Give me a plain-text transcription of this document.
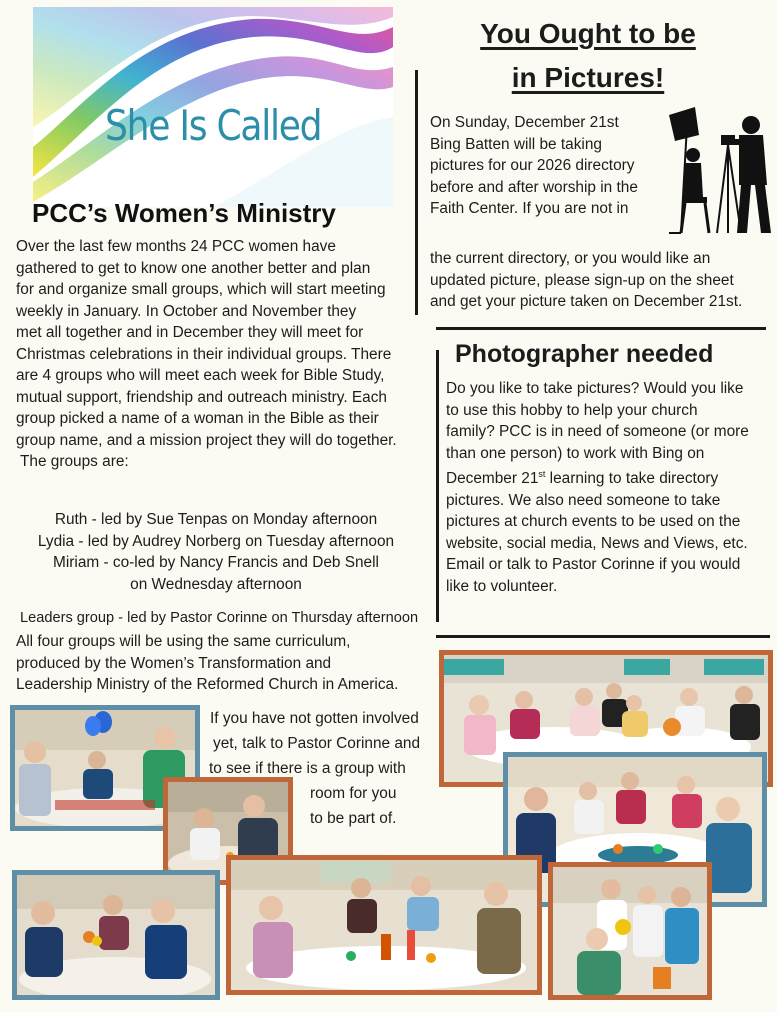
She Is Called
PCC’s Women’s Ministry

Over the last few months 24 PCC women have

gathered to get to know one another better and plan

for and organize small groups, which will start meeting

weekly in January. In October and November they

met all together and in December they will meet for

Christmas celebrations in their individual groups. There

are 4 groups who will meet each week for Bible Study,

mutual support, friendship and outreach ministry. Each

group picked a name of a woman in the Bible as their

group name, and a mission project they will do together.

The groups are:

Ruth - led by Sue Tenpas on Monday afternoon
Lydia - led by Audrey Norberg on Tuesday afternoon
Miriam - co-led by Nancy Francis and Deb Snell
on Wednesday afternoon
Leaders group - led by Pastor Corinne on Thursday afternoon

All four groups will be using the same curriculum,

produced by the Women’s Transformation and

Leadership Ministry of the Reformed Church in America.

If you have not gotten involved
yet, talk to Pastor Corinne and
to see if there is a group with
room for you
to be part of.
You Ought to be
in Pictures!

On Sunday, December 21st

Bing Batten will be taking

pictures for our 2026 directory

before and after worship in the

Faith Center. If you are not in

the current directory, or you would like an

updated picture, please sign-up on the sheet

and get your picture taken on December 21st.

Photographer needed

Do you like to take pictures? Would you like

to use this hobby to help your church

family? PCC is in need of someone (or more

than one person) to work with Bing on

December 21st learning to take directory

pictures. We also need someone to take

pictures at church events to be used on the

website, social media, News and Views, etc.

Email or talk to Pastor Corinne if you would

like to volunteer.
